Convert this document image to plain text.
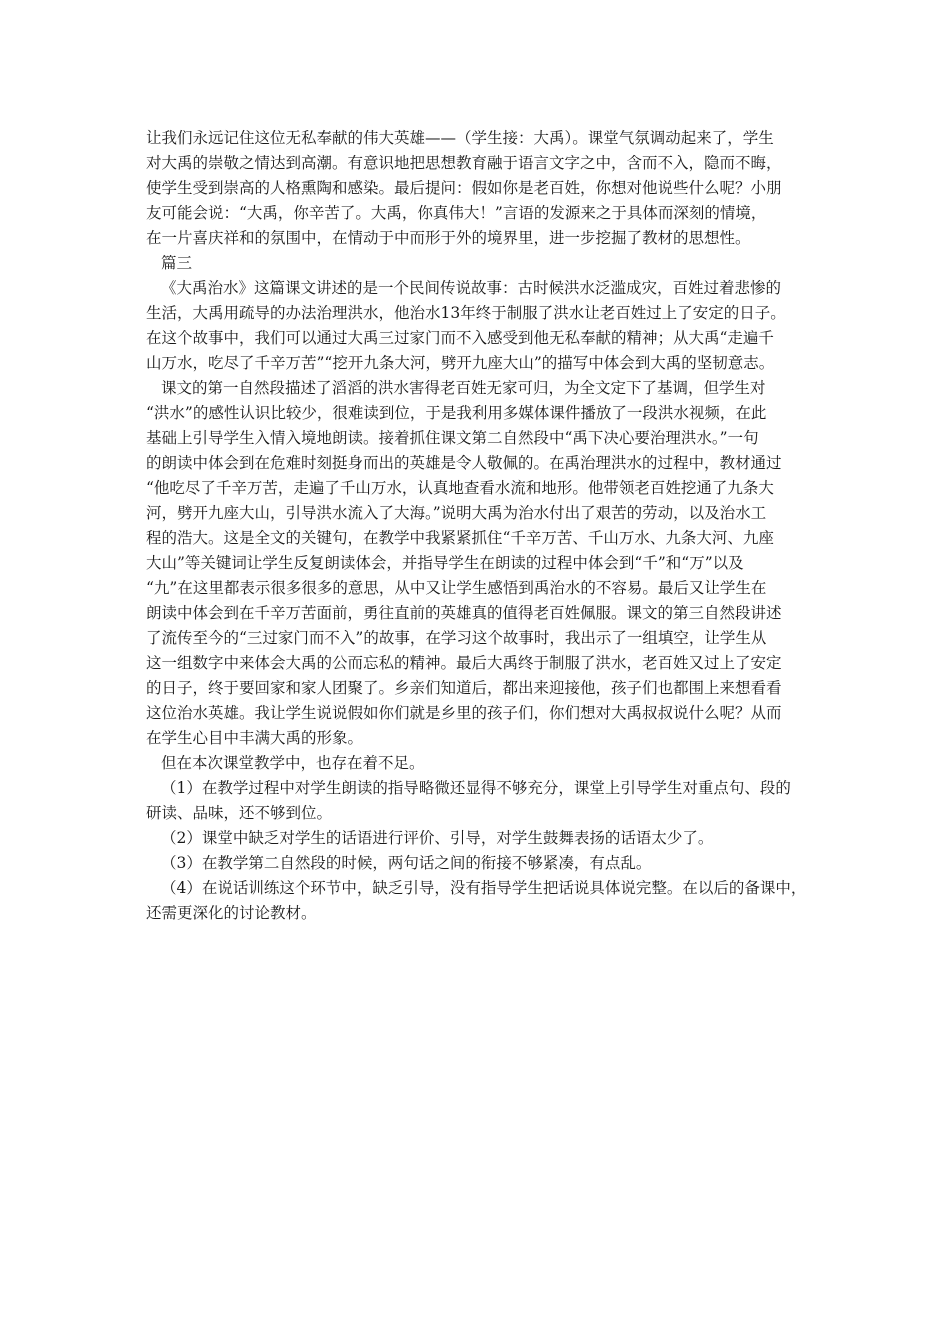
让我们永远记住这位无私奉献的伟大英雄——（学生接：大禹）。课堂气氛调动起来了，学生
对大禹的崇敬之情达到高潮。有意识地把思想教育融于语言文字之中，含而不入，隐而不晦，
使学生受到崇高的人格熏陶和感染。最后提问：假如你是老百姓，你想对他说些什么呢？小朋
友可能会说：“大禹，你辛苦了。大禹，你真伟大！”言语的发源来之于具体而深刻的情境，
在一片喜庆祥和的氛围中，在情动于中而形于外的境界里，进一步挖掘了教材的思想性。
篇三
《大禹治水》这篇课文讲述的是一个民间传说故事：古时候洪水泛滥成灾，百姓过着悲惨的
生活，大禹用疏导的办法治理洪水，他治水13年终于制服了洪水让老百姓过上了安定的日子。
在这个故事中，我们可以通过大禹三过家门而不入感受到他无私奉献的精神；从大禹“走遍千
山万水，吃尽了千辛万苦”“挖开九条大河，劈开九座大山”的描写中体会到大禹的坚韧意志。
课文的第一自然段描述了滔滔的洪水害得老百姓无家可归，为全文定下了基调，但学生对
“洪水”的感性认识比较少，很难读到位，于是我利用多媒体课件播放了一段洪水视频，在此
基础上引导学生入情入境地朗读。接着抓住课文第二自然段中“禹下决心要治理洪水。”一句
的朗读中体会到在危难时刻挺身而出的英雄是令人敬佩的。在禹治理洪水的过程中，教材通过
“他吃尽了千辛万苦，走遍了千山万水，认真地查看水流和地形。他带领老百姓挖通了九条大
河，劈开九座大山，引导洪水流入了大海。”说明大禹为治水付出了艰苦的劳动，以及治水工
程的浩大。这是全文的关键句，在教学中我紧紧抓住“千辛万苦、千山万水、九条大河、九座
大山”等关键词让学生反复朗读体会，并指导学生在朗读的过程中体会到“千”和“万”以及
“九”在这里都表示很多很多的意思，从中又让学生感悟到禹治水的不容易。最后又让学生在
朗读中体会到在千辛万苦面前，勇往直前的英雄真的值得老百姓佩服。课文的第三自然段讲述
了流传至今的“三过家门而不入”的故事，在学习这个故事时，我出示了一组填空，让学生从
这一组数字中来体会大禹的公而忘私的精神。最后大禹终于制服了洪水，老百姓又过上了安定
的日子，终于要回家和家人团聚了。乡亲们知道后，都出来迎接他，孩子们也都围上来想看看
这位治水英雄。我让学生说说假如你们就是乡里的孩子们，你们想对大禹叔叔说什么呢？从而
在学生心目中丰满大禹的形象。
但在本次课堂教学中，也存在着不足。
（1）在教学过程中对学生朗读的指导略微还显得不够充分，课堂上引导学生对重点句、段的
研读、品味，还不够到位。
（2）课堂中缺乏对学生的话语进行评价、引导，对学生鼓舞表扬的话语太少了。
（3）在教学第二自然段的时候，两句话之间的衔接不够紧凑，有点乱。
（4）在说话训练这个环节中，缺乏引导，没有指导学生把话说具体说完整。在以后的备课中，
还需更深化的讨论教材。
